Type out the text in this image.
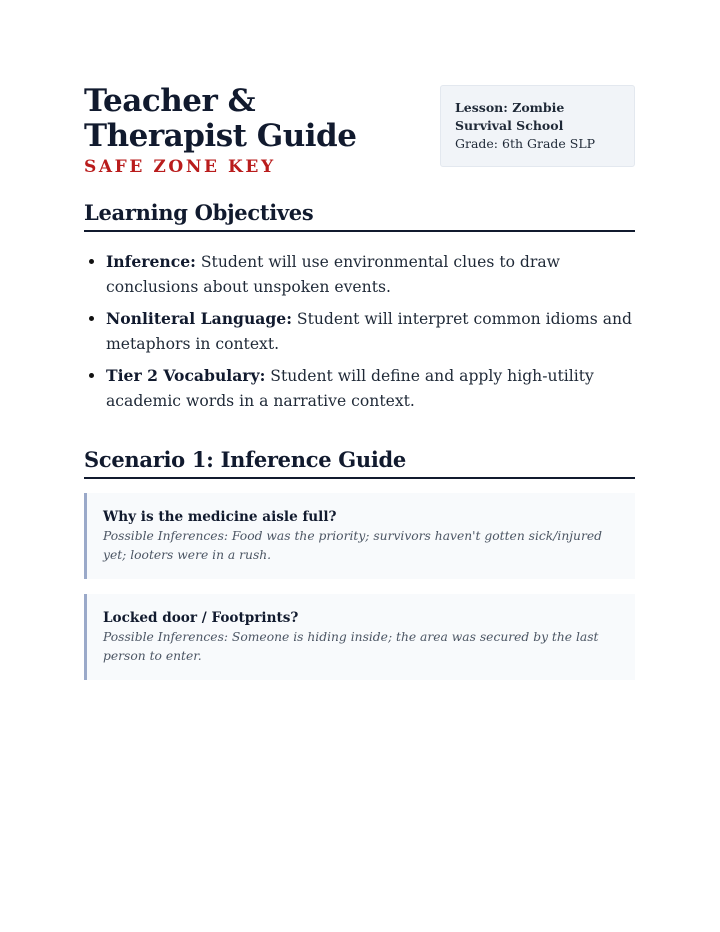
Teacher & Therapist Guide
SAFE ZONE KEY
Lesson: Zombie Survival School
Grade: 6th Grade SLP
Learning Objectives
Inference: Student will use environmental clues to draw conclusions about unspoken events.
Nonliteral Language: Student will interpret common idioms and metaphors in context.
Tier 2 Vocabulary: Student will define and apply high-utility academic words in a narrative context.
Scenario 1: Inference Guide
Why is the medicine aisle full?
Possible Inferences: Food was the priority; survivors haven't gotten sick/injured yet; looters were in a rush.
Locked door / Footprints?
Possible Inferences: Someone is hiding inside; the area was secured by the last person to enter.
